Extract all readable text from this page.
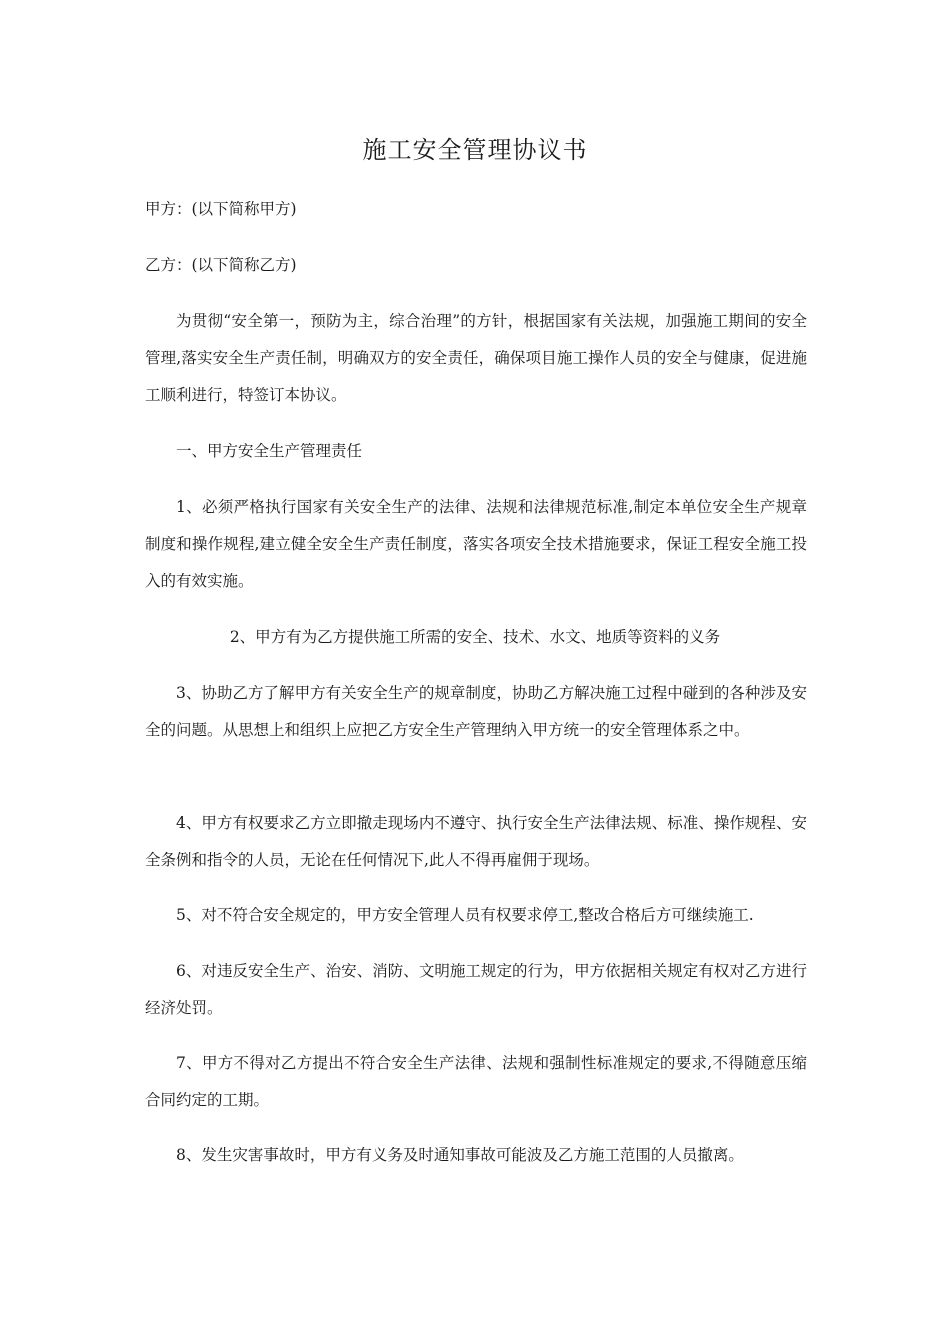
施工安全管理协议书
甲方：(以下简称甲方)
乙方：(以下简称乙方)
为贯彻“安全第一，预防为主，综合治理”的方针，根据国家有关法规，加强施工期间的安全管理,落实安全生产责任制，明确双方的安全责任，确保项目施工操作人员的安全与健康，促进施工顺利进行，特签订本协议。
一、甲方安全生产管理责任
1、必须严格执行国家有关安全生产的法律、法规和法律规范标准,制定本单位安全生产规章制度和操作规程,建立健全安全生产责任制度，落实各项安全技术措施要求，保证工程安全施工投入的有效实施。
2、甲方有为乙方提供施工所需的安全、技术、水文、地质等资料的义务
3、协助乙方了解甲方有关安全生产的规章制度，协助乙方解决施工过程中碰到的各种涉及安全的问题。从思想上和组织上应把乙方安全生产管理纳入甲方统一的安全管理体系之中。
4、甲方有权要求乙方立即撤走现场内不遵守、执行安全生产法律法规、标准、操作规程、安全条例和指令的人员，无论在任何情况下,此人不得再雇佣于现场。
5、对不符合安全规定的，甲方安全管理人员有权要求停工,整改合格后方可继续施工.
6、对违反安全生产、治安、消防、文明施工规定的行为，甲方依据相关规定有权对乙方进行经济处罚。
7、甲方不得对乙方提出不符合安全生产法律、法规和强制性标准规定的要求,不得随意压缩合同约定的工期。
8、发生灾害事故时，甲方有义务及时通知事故可能波及乙方施工范围的人员撤离。
